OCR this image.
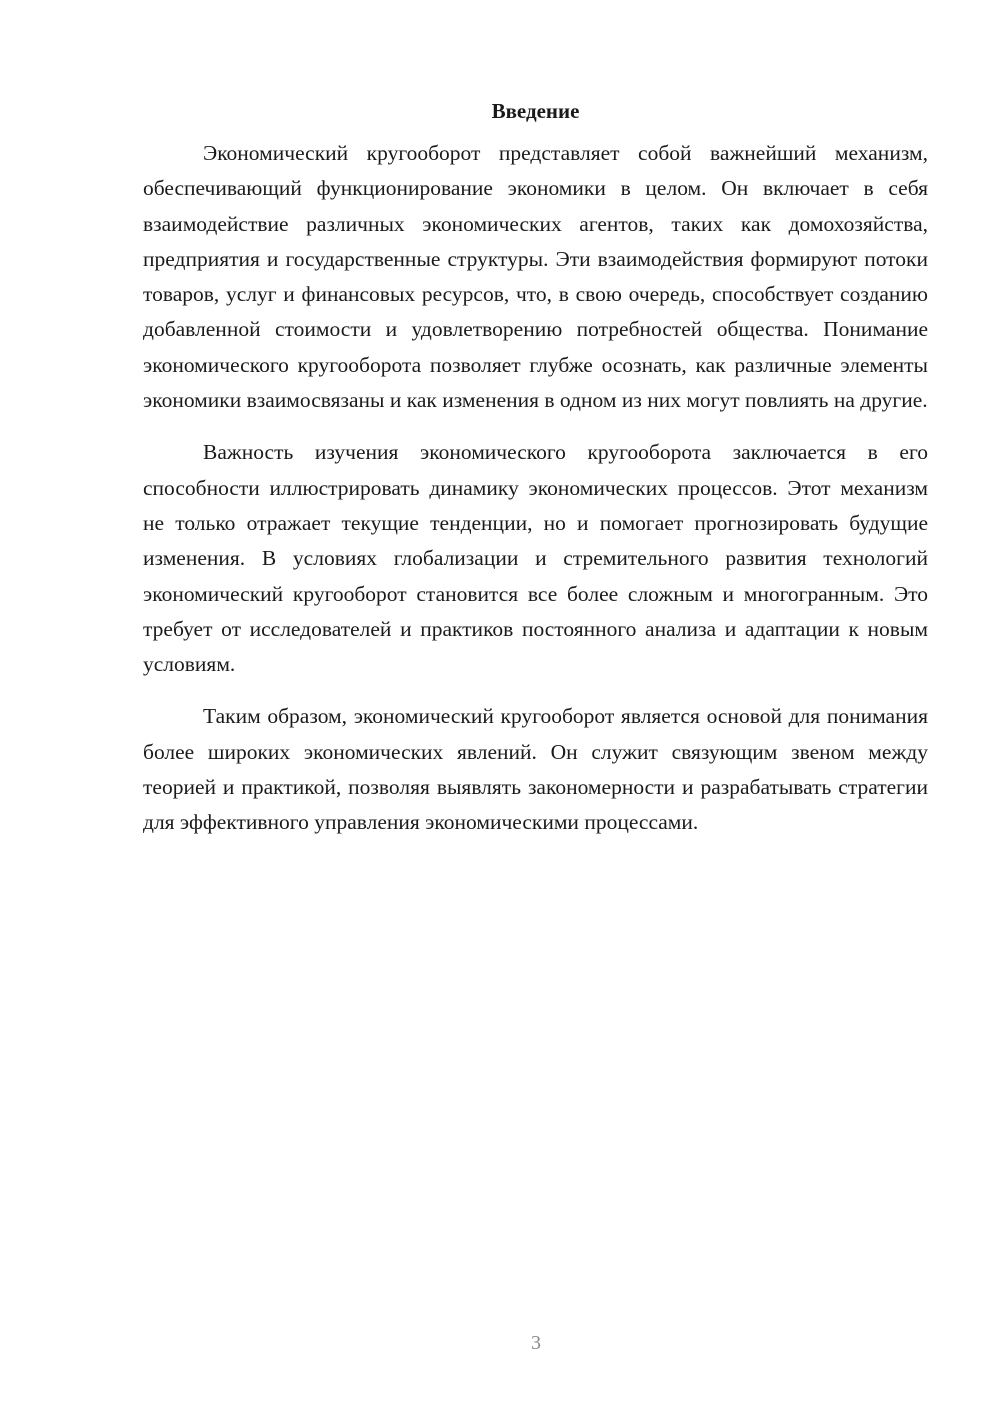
Введение

Экономический кругооборот представляет собой важнейший механизм, обеспечивающий функционирование экономики в целом. Он включает в себя взаимодействие различных экономических агентов, таких как домохозяйства, предприятия и государственные структуры. Эти взаимодействия формируют потоки товаров, услуг и финансовых ресурсов, что, в свою очередь, способствует созданию добавленной стоимости и удовлетворению потребностей общества. Понимание экономического кругооборота позволяет глубже осознать, как различные элементы экономики взаимосвязаны и как изменения в одном из них могут повлиять на другие.

Важность изучения экономического кругооборота заключается в его способности иллюстрировать динамику экономических процессов. Этот механизм не только отражает текущие тенденции, но и помогает прогнозировать будущие изменения. В условиях глобализации и стремительного развития технологий экономический кругооборот становится все более сложным и многогранным. Это требует от исследователей и практиков постоянного анализа и адаптации к новым условиям.

Таким образом, экономический кругооборот является основой для понимания более широких экономических явлений. Он служит связующим звеном между теорией и практикой, позволяя выявлять закономерности и разрабатывать стратегии для эффективного управления экономическими процессами.

3
